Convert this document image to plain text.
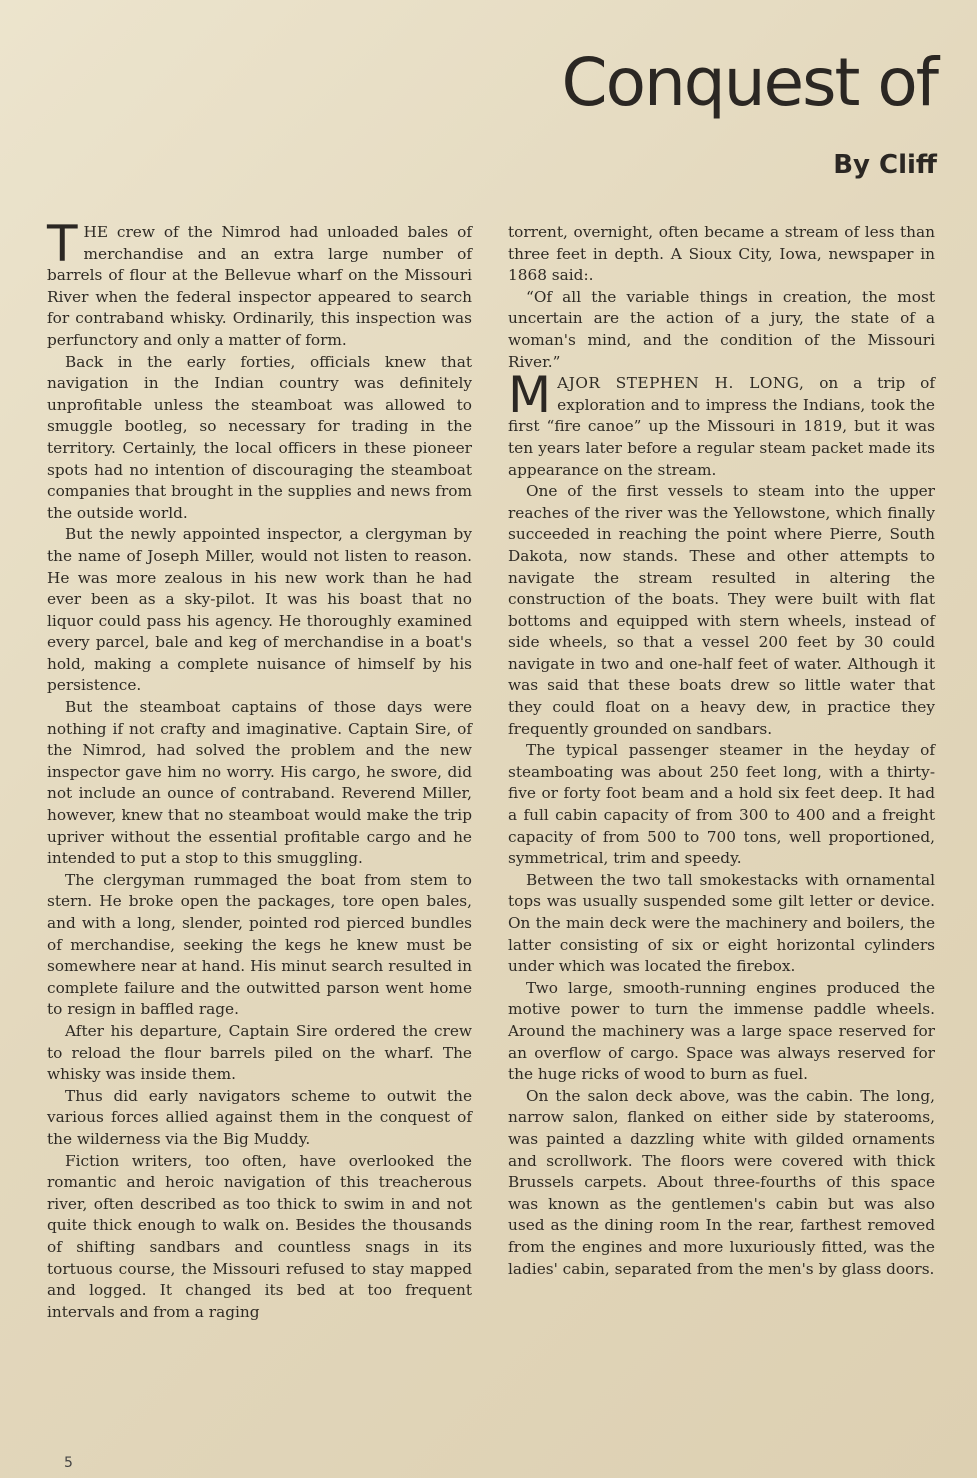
Conquest of
By Cliff

THE crew of the Nimrod had unloaded bales of merchandise and an extra large number of barrels of flour at the Bellevue wharf on the Missouri River when the federal inspector appeared to search for contraband whisky. Ordinarily, this inspection was perfunctory and only a matter of form.

Back in the early forties, officials knew that navigation in the Indian country was definitely unprofitable unless the steamboat was allowed to smuggle bootleg, so necessary for trading in the territory. Certainly, the local officers in these pioneer spots had no intention of discouraging the steamboat companies that brought in the supplies and news from the outside world.

But the newly appointed inspector, a clergyman by the name of Joseph Miller, would not listen to reason. He was more zealous in his new work than he had ever been as a sky-pilot. It was his boast that no liquor could pass his agency. He thoroughly examined every parcel, bale and keg of merchandise in a boat's hold, making a complete nuisance of himself by his persistence.

But the steamboat captains of those days were nothing if not crafty and imaginative. Captain Sire, of the Nimrod, had solved the problem and the new inspector gave him no worry. His cargo, he swore, did not include an ounce of contraband. Reverend Miller, however, knew that no steamboat would make the trip upriver without the essential profitable cargo and he intended to put a stop to this smuggling.

The clergyman rummaged the boat from stem to stern. He broke open the packages, tore open bales, and with a long, slender, pointed rod pierced bundles of merchandise, seeking the kegs he knew must be somewhere near at hand. His minut search resulted in complete failure and the outwitted parson went home to resign in baffled rage.

After his departure, Captain Sire ordered the crew to reload the flour barrels piled on the wharf. The whisky was inside them.

Thus did early navigators scheme to outwit the various forces allied against them in the conquest of the wilderness via the Big Muddy.

Fiction writers, too often, have overlooked the romantic and heroic navigation of this treacherous river, often described as too thick to swim in and not quite thick enough to walk on. Besides the thousands of shifting sandbars and countless snags in its tortuous course, the Missouri refused to stay mapped and logged. It changed its bed at too frequent intervals and from a raging

torrent, overnight, often became a stream of less than three feet in depth. A Sioux City, Iowa, newspaper in 1868 said:.

“Of all the variable things in creation, the most uncertain are the action of a jury, the state of a woman's mind, and the condition of the Missouri River.”

MAJOR STEPHEN H. LONG, on a trip of exploration and to impress the Indians, took the first “fire canoe” up the Missouri in 1819, but it was ten years later before a regular steam packet made its appearance on the stream.

One of the first vessels to steam into the upper reaches of the river was the Yellowstone, which finally succeeded in reaching the point where Pierre, South Dakota, now stands. These and other attempts to navigate the stream resulted in altering the construction of the boats. They were built with flat bottoms and equipped with stern wheels, instead of side wheels, so that a vessel 200 feet by 30 could navigate in two and one-half feet of water. Although it was said that these boats drew so little water that they could float on a heavy dew, in practice they frequently grounded on sandbars.

The typical passenger steamer in the heyday of steamboating was about 250 feet long, with a thirty-five or forty foot beam and a hold six feet deep. It had a full cabin capacity of from 300 to 400 and a freight capacity of from 500 to 700 tons, well proportioned, symmetrical, trim and speedy.

Between the two tall smokestacks with ornamental tops was usually suspended some gilt letter or device. On the main deck were the machinery and boilers, the latter consisting of six or eight horizontal cylinders under which was located the firebox.

Two large, smooth-running engines produced the motive power to turn the immense paddle wheels. Around the machinery was a large space reserved for an overflow of cargo. Space was always reserved for the huge ricks of wood to burn as fuel.

On the salon deck above, was the cabin. The long, narrow salon, flanked on either side by staterooms, was painted a dazzling white with gilded ornaments and scrollwork. The floors were covered with thick Brussels carpets. About three-fourths of this space was known as the gentlemen's cabin but was also used as the dining room In the rear, farthest removed from the engines and more luxuriously fitted, was the ladies' cabin, separated from the men's by glass doors.

5
